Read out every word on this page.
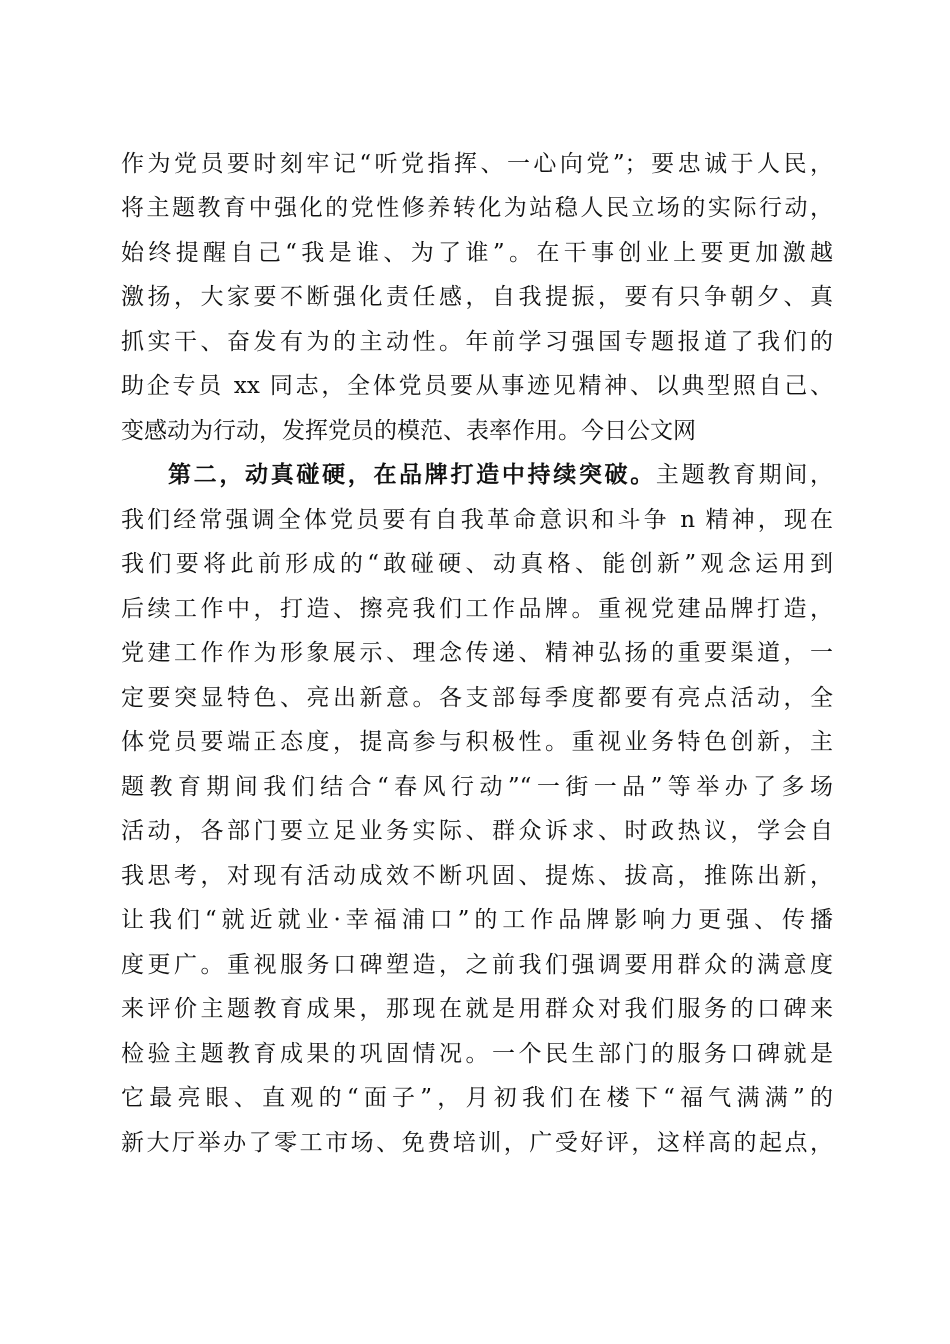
作为党员要时刻牢记“听党指挥、一心向党”；要忠诚于人民，
将主题教育中强化的党性修养转化为站稳人民立场的实际行动，
始终提醒自己“我是谁、为了谁”。在干事创业上要更加激越
激扬，大家要不断强化责任感，自我提振，要有只争朝夕、真
抓实干、奋发有为的主动性。年前学习强国专题报道了我们的
助企专员 xx 同志，全体党员要从事迹见精神、以典型照自己、
变感动为行动，发挥党员的模范、表率作用。今日公文网
第二，动真碰硬，在品牌打造中持续突破。主题教育期间，
我们经常强调全体党员要有自我革命意识和斗争 n 精神，现在
我们要将此前形成的“敢碰硬、动真格、能创新”观念运用到
后续工作中，打造、擦亮我们工作品牌。重视党建品牌打造，
党建工作作为形象展示、理念传递、精神弘扬的重要渠道，一
定要突显特色、亮出新意。各支部每季度都要有亮点活动，全
体党员要端正态度，提高参与积极性。重视业务特色创新，主
题教育期间我们结合“春风行动”“一街一品”等举办了多场
活动，各部门要立足业务实际、群众诉求、时政热议，学会自
我思考，对现有活动成效不断巩固、提炼、拔高，推陈出新，
让我们“就近就业·幸福浦口”的工作品牌影响力更强、传播
度更广。重视服务口碑塑造，之前我们强调要用群众的满意度
来评价主题教育成果，那现在就是用群众对我们服务的口碑来
检验主题教育成果的巩固情况。一个民生部门的服务口碑就是
它最亮眼、直观的“面子”，月初我们在楼下“福气满满”的
新大厅举办了零工市场、免费培训，广受好评，这样高的起点，
